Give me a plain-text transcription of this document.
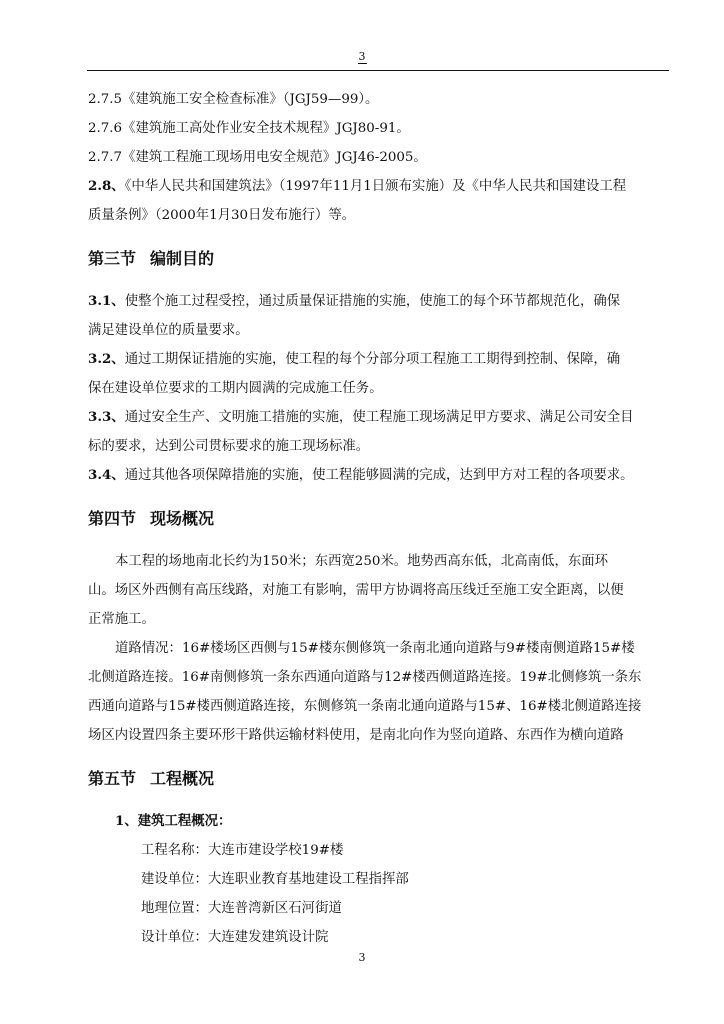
3
2.7.5《建筑施工安全检查标准》（JGJ59—99）。
2.7.6《建筑施工高处作业安全技术规程》JGJ80-91。
2.7.7《建筑工程施工现场用电安全规范》JGJ46-2005。
2.8、《中华人民共和国建筑法》（1997年11月1日颁布实施）及《中华人民共和国建设工程
质量条例》（2000年1月30日发布施行）等。
第三节 编制目的
3.1、使整个施工过程受控，通过质量保证措施的实施，使施工的每个环节都规范化，确保
满足建设单位的质量要求。
3.2、通过工期保证措施的实施，使工程的每个分部分项工程施工工期得到控制、保障，确
保在建设单位要求的工期内圆满的完成施工任务。
3.3、通过安全生产、文明施工措施的实施，使工程施工现场满足甲方要求、满足公司安全目
标的要求，达到公司贯标要求的施工现场标准。
3.4、通过其他各项保障措施的实施，使工程能够圆满的完成，达到甲方对工程的各项要求。
第四节 现场概况
本工程的场地南北长约为150米；东西宽250米。地势西高东低，北高南低，东面环
山。场区外西侧有高压线路，对施工有影响，需甲方协调将高压线迁至施工安全距离，以便
正常施工。
道路情况：16#楼场区西侧与15#楼东侧修筑一条南北通向道路与9#楼南侧道路15#楼
北侧道路连接。16#南侧修筑一条东西通向道路与12#楼西侧道路连接。19#北侧修筑一条东
西通向道路与15#楼西侧道路连接，东侧修筑一条南北通向道路与15#、16#楼北侧道路连接
场区内设置四条主要环形干路供运输材料使用，是南北向作为竖向道路、东西作为横向道路
第五节 工程概况
1、建筑工程概况：
工程名称：大连市建设学校19#楼
建设单位：大连职业教育基地建设工程指挥部
地理位置：大连普湾新区石河街道
设计单位：大连建发建筑设计院
3
